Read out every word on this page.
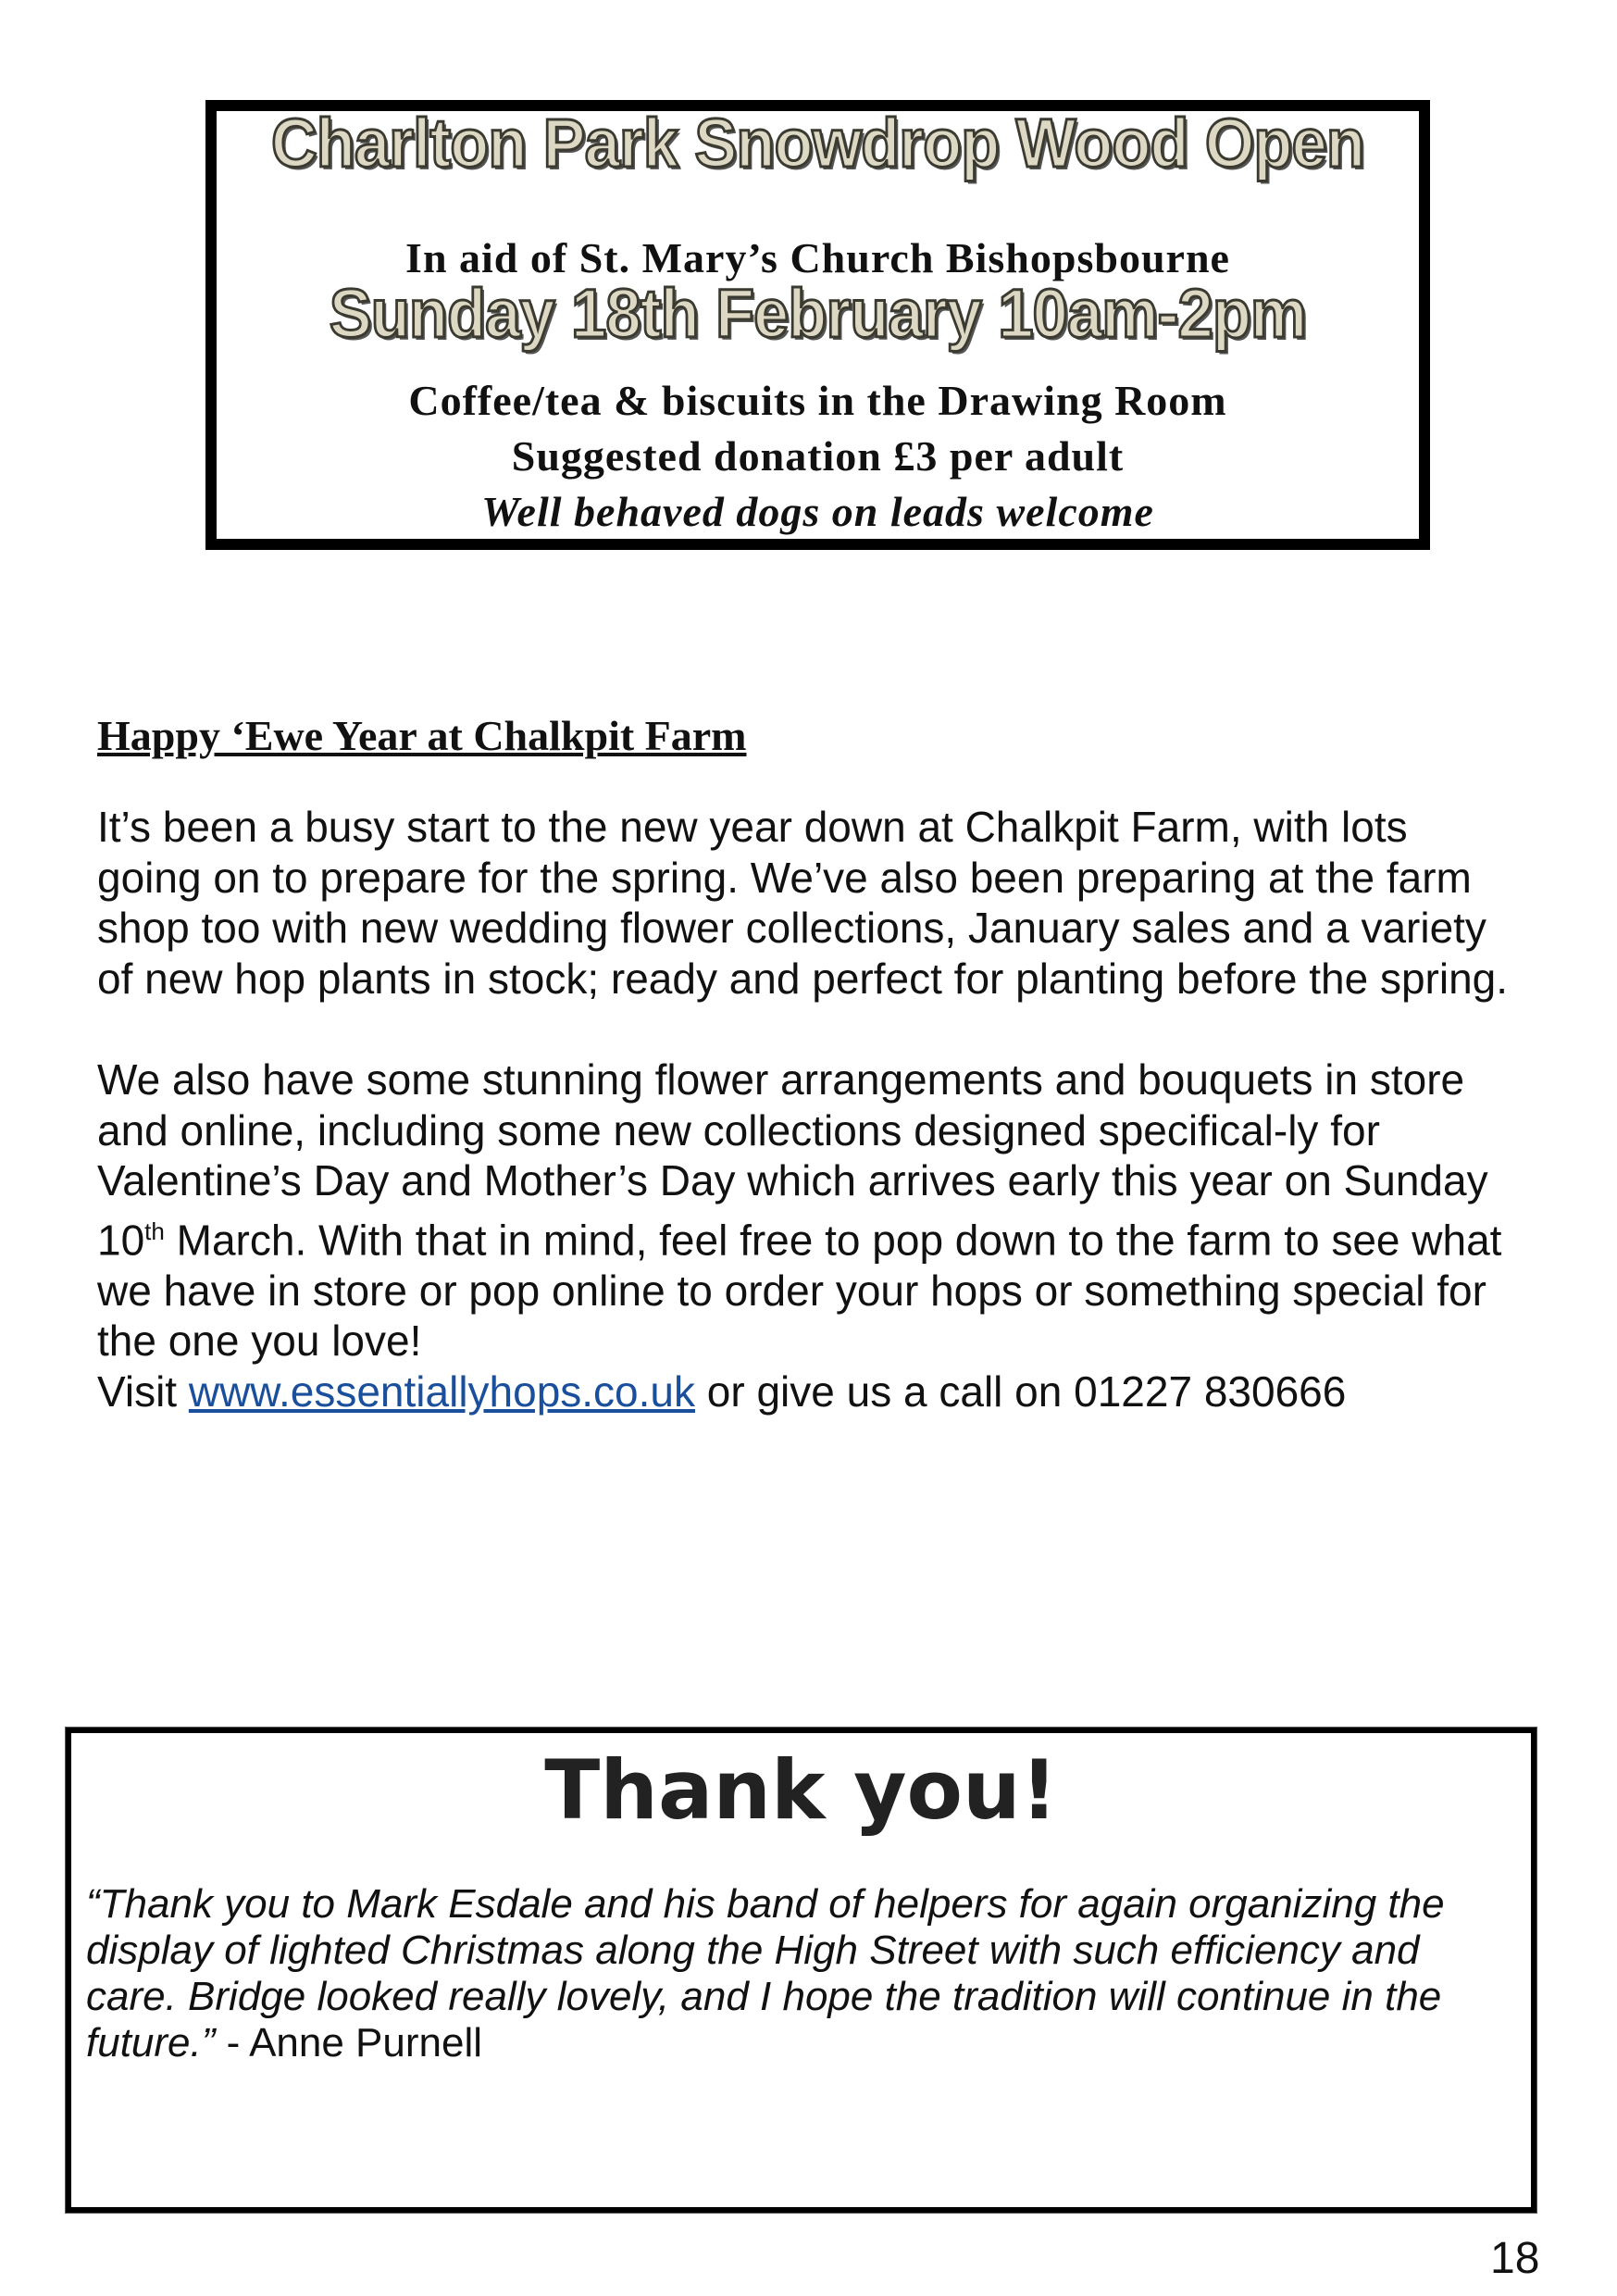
Charlton Park Snowdrop Wood Open
In aid of St. Mary’s Church Bishopsbourne
Sunday 18th February 10am-2pm
Coffee/tea & biscuits in the Drawing Room
Suggested donation £3 per adult
Well behaved dogs on leads welcome
Happy ‘Ewe Year at Chalkpit Farm

It’s been a busy start to the new year down at Chalkpit Farm, with lots going on to prepare for the spring. We’ve also been preparing at the farm shop too with new wedding flower collections, January sales and a variety of new hop plants in stock; ready and perfect for planting before the spring.

We also have some stunning flower arrangements and bouquets in store and online, including some new collections designed specifical-ly for Valentine’s Day and Mother’s Day which arrives early this year on Sunday 10th March. With that in mind, feel free to pop down to the farm to see what we have in store or pop online to order your hops or something special for the one you love!

Visit www.essentiallyhops.co.uk or give us a call on 01227 830666

Thank you!
“Thank you to Mark Esdale and his band of helpers for again organizing the display of lighted Christmas along the High Street with such efficiency and care. Bridge looked really lovely, and I hope the tradition will continue in the future.” - Anne Purnell
18
